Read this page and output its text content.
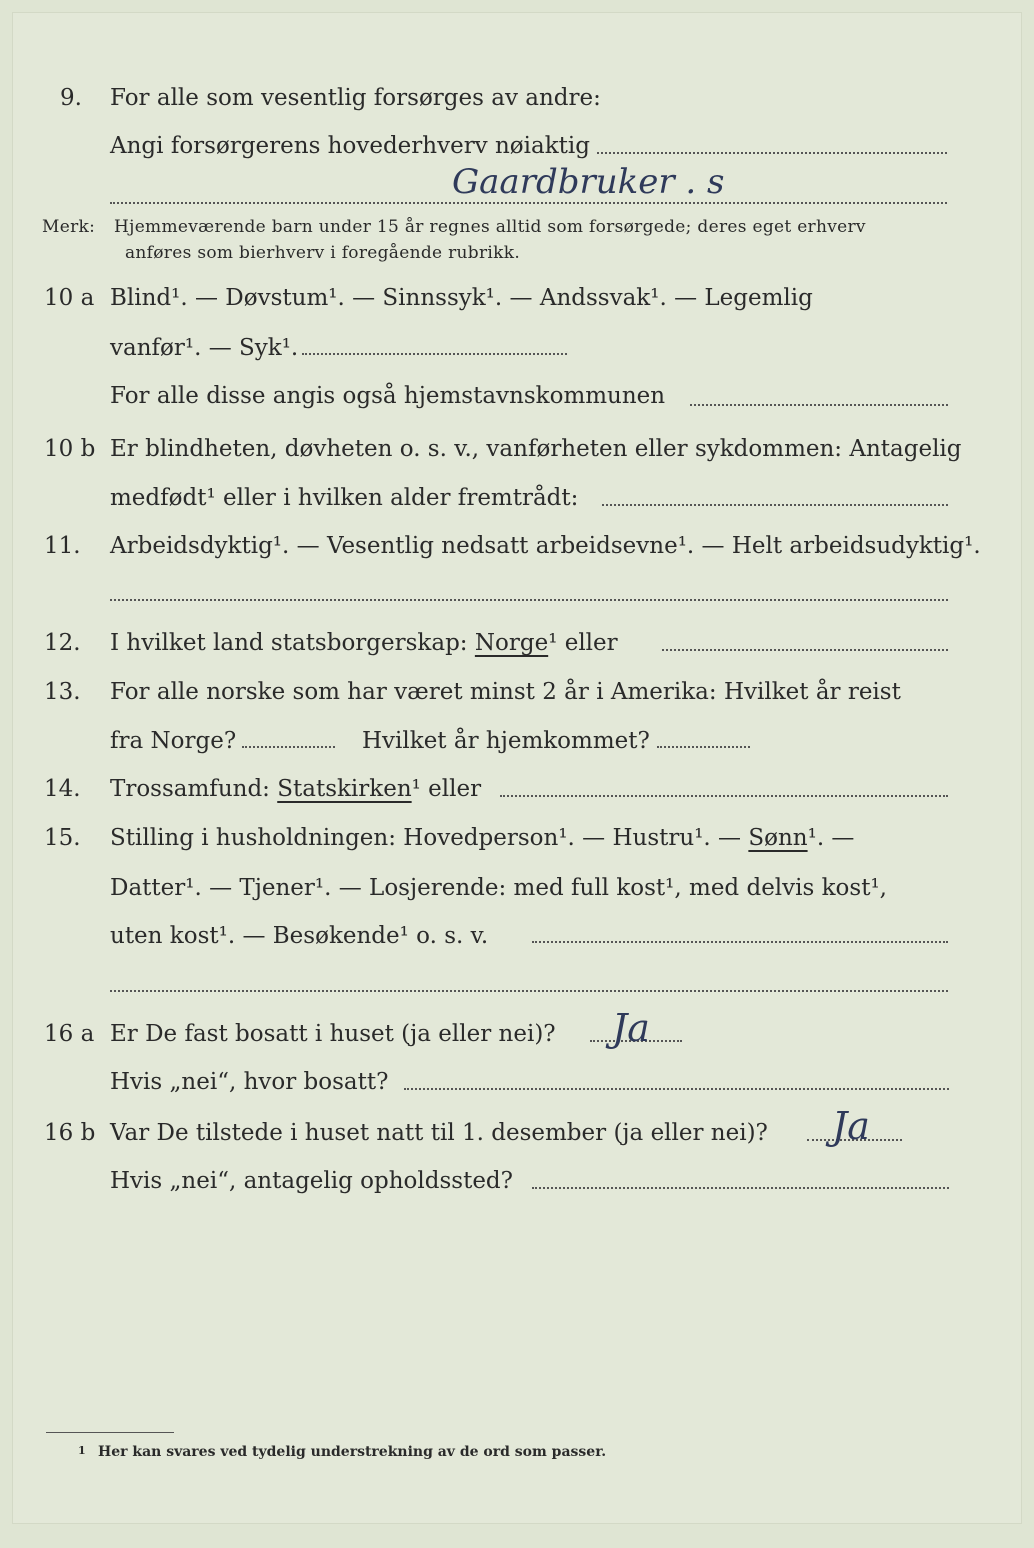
9. For alle som vesentlig forsørges av andre:
Angi forsørgerens hovederhverv nøiaktig
Gaardbruker . s
Merk: Hjemmeværende barn under 15 år regnes alltid som forsørgede; deres eget erhverv
anføres som bierhverv i foregående rubrikk.
10 a Blind¹. — Døvstum¹. — Sinnssyk¹. — Andssvak¹. — Legemlig
vanfør¹. — Syk¹.
For alle disse angis også hjemstavnskommunen
10 b Er blindheten, døvheten o. s. v., vanførheten eller sykdommen: Antagelig
medfødt¹ eller i hvilken alder fremtrådt:
11. Arbeidsdyktig¹. — Vesentlig nedsatt arbeidsevne¹. — Helt arbeidsudyktig¹.
12. I hvilket land statsborgerskap: Norge¹ eller
13. For alle norske som har været minst 2 år i Amerika: Hvilket år reist
fra Norge?	Hvilket år hjemkommet?
14. Trossamfund: Statskirken¹ eller
15. Stilling i husholdningen: Hovedperson¹. — Hustru¹. — Sønn¹. —
Datter¹. — Tjener¹. — Losjerende: med full kost¹, med delvis kost¹,
uten kost¹. — Besøkende¹ o. s. v.
16 a Er De fast bosatt i huset (ja eller nei)? Ja
Hvis „nei“, hvor bosatt?
16 b Var De tilstede i huset natt til 1. desember (ja eller nei)? Ja
Hvis „nei“, antagelig opholdssted?
1 Her kan svares ved tydelig understrekning av de ord som passer.
